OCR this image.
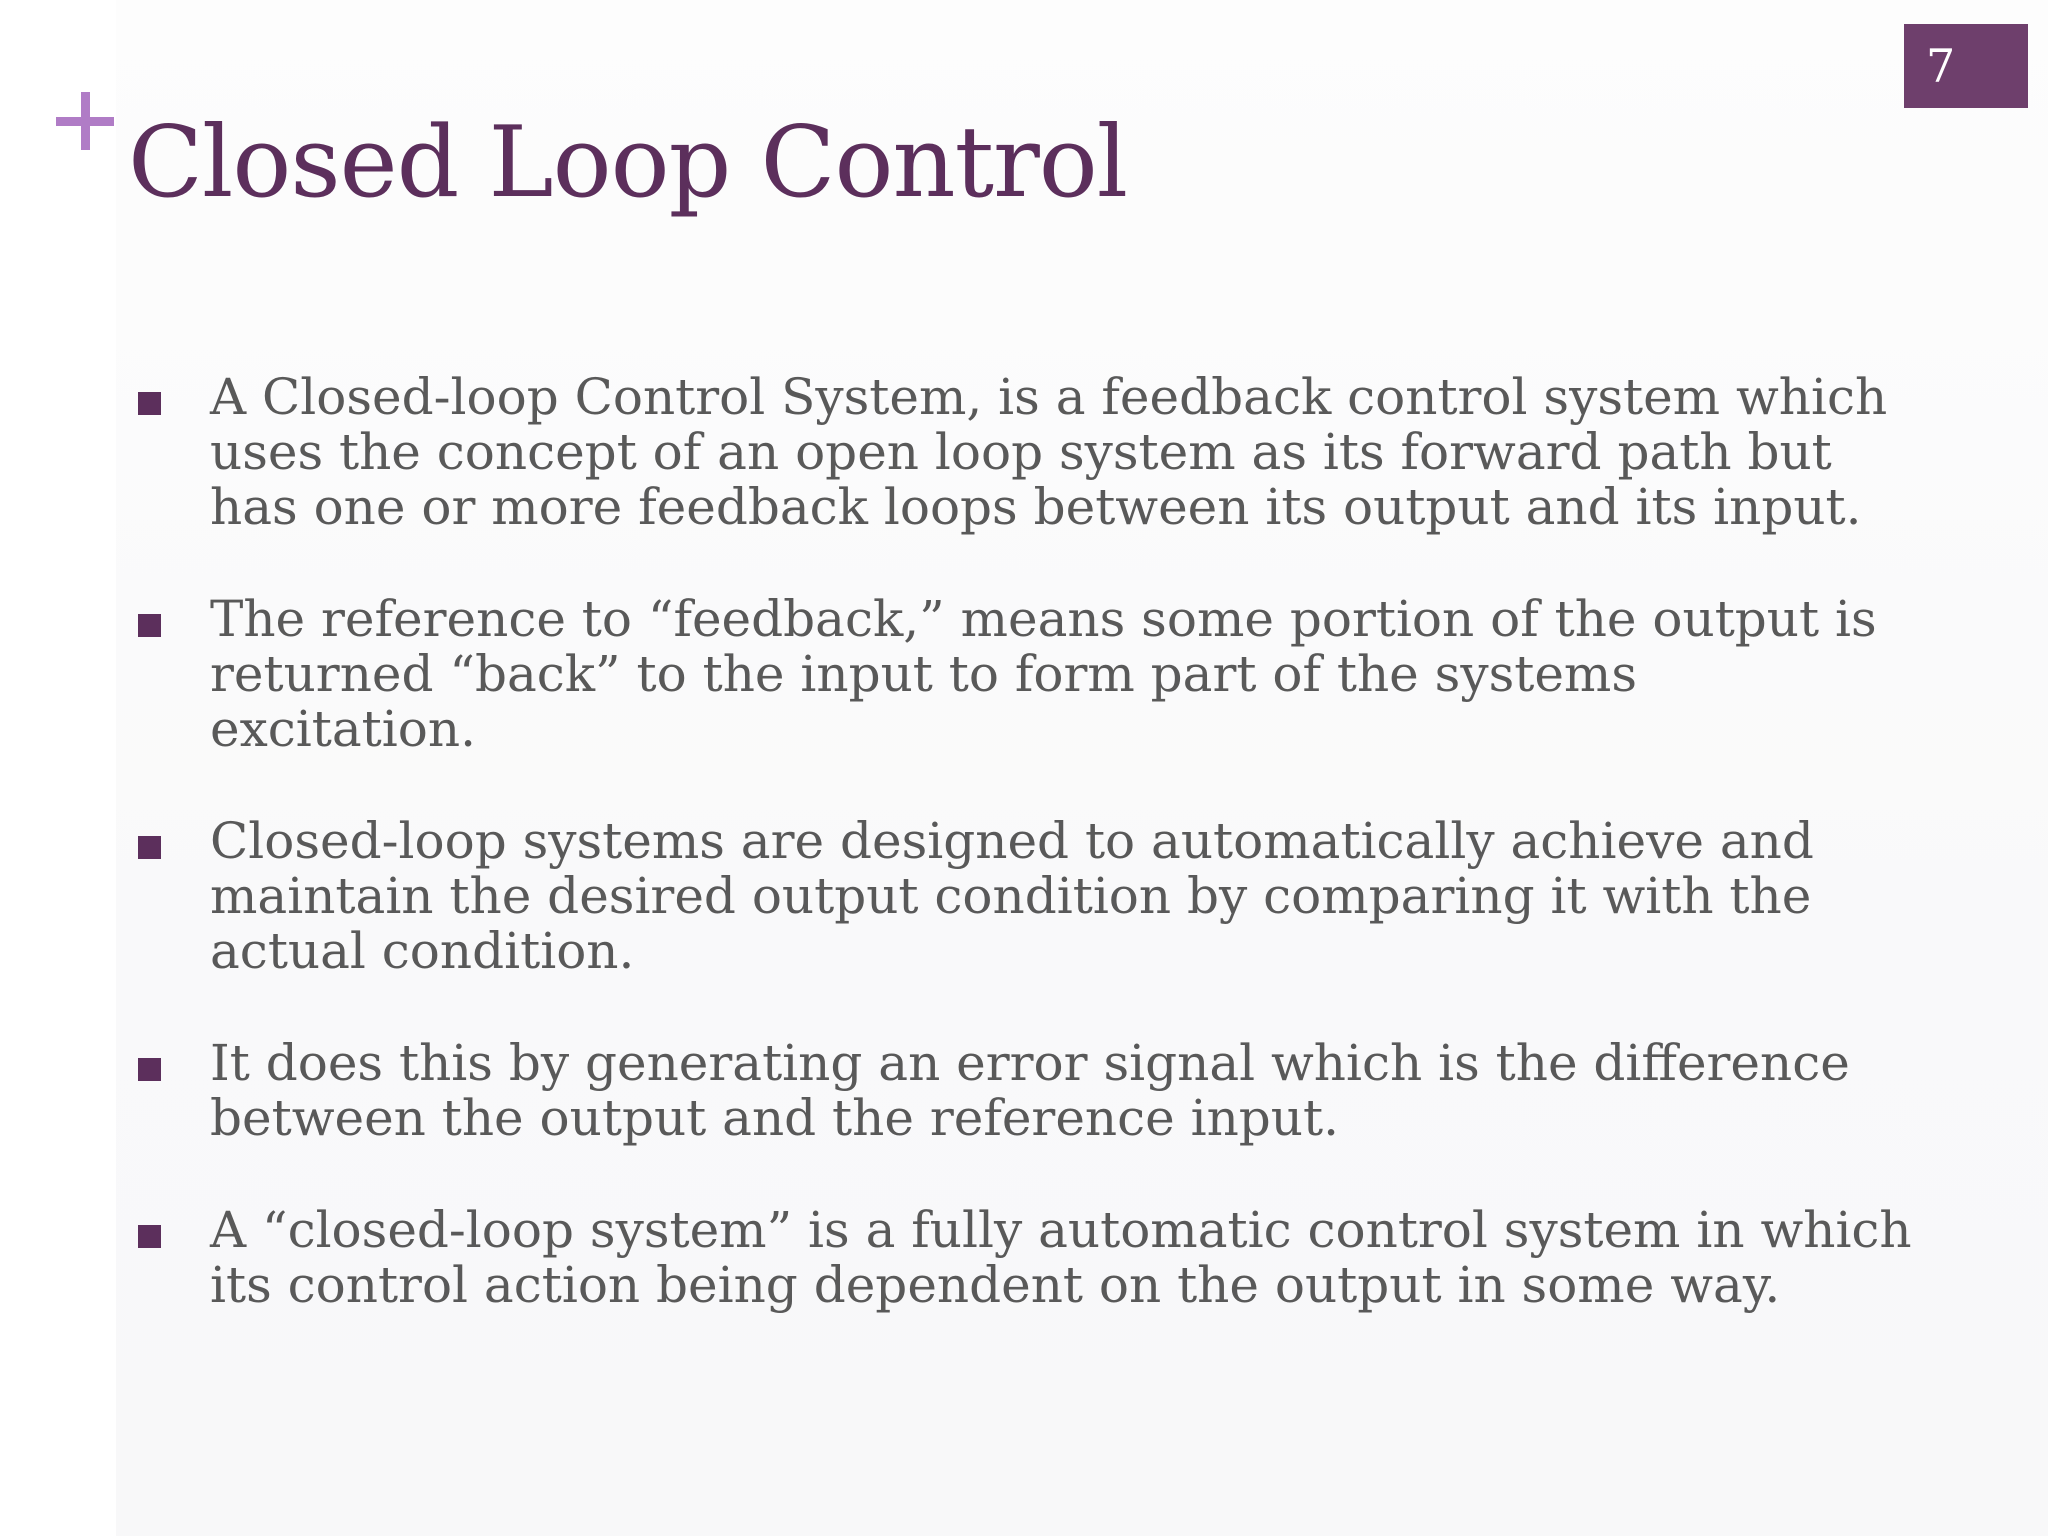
7
Closed Loop Control
A Closed-loop Control System, is a feedback control system which uses the concept of an open loop system as its forward path but has one or more feedback loops between its output and its input.
The reference to “feedback,” means some portion of the output is returned “back” to the input to form part of the systems excitation.
Closed-loop systems are designed to automatically achieve and maintain the desired output condition by comparing it with the actual condition.
It does this by generating an error signal which is the difference between the output and the reference input.
A “closed-loop system” is a fully automatic control system in which its control action being dependent on the output in some way.
